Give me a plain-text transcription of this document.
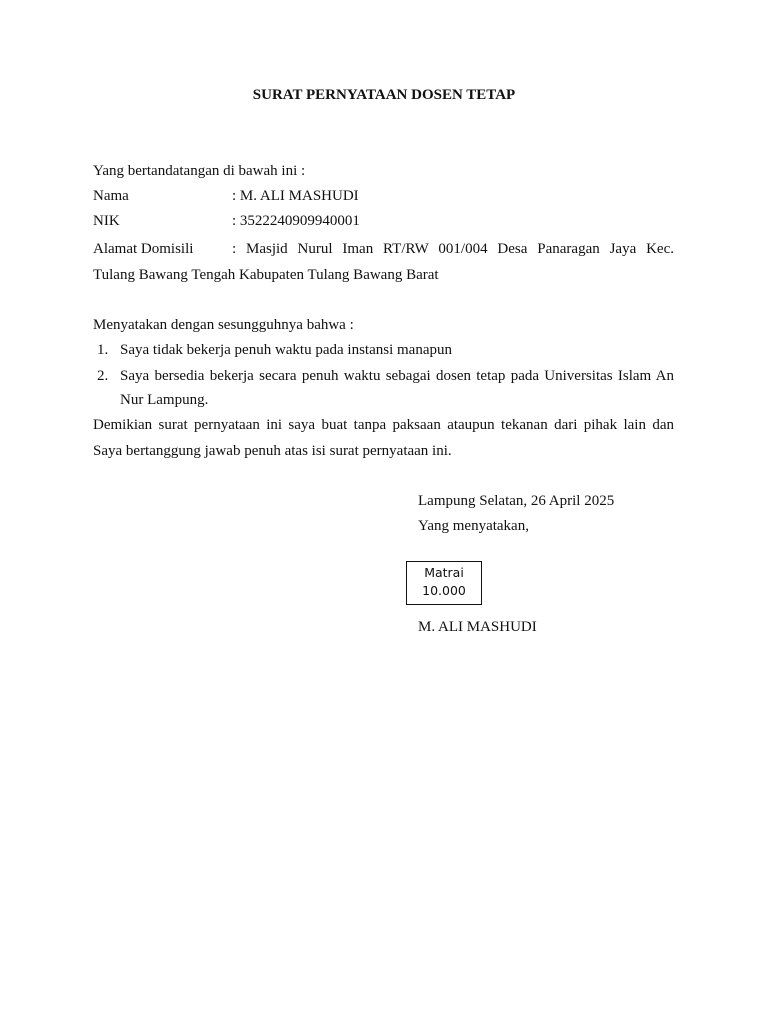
SURAT PERNYATAAN DOSEN TETAP
Yang bertandatangan di bawah ini :
Nama	: M. ALI MASHUDI
NIK	: 3522240909940001
Alamat Domisili	: Masjid Nurul Iman RT/RW 001/004 Desa Panaragan Jaya Kec.
Tulang Bawang Tengah Kabupaten Tulang Bawang Barat
Menyatakan dengan sesungguhnya bahwa :
1. Saya tidak bekerja penuh waktu pada instansi manapun
2. Saya bersedia bekerja secara penuh waktu sebagai dosen tetap pada Universitas Islam An
Nur Lampung.
Demikian surat pernyataan ini saya buat tanpa paksaan ataupun tekanan dari pihak lain dan
Saya bertanggung jawab penuh atas isi surat pernyataan ini.
Lampung Selatan, 26 April 2025
Yang menyatakan,
Matrai
10.000
M. ALI MASHUDI
